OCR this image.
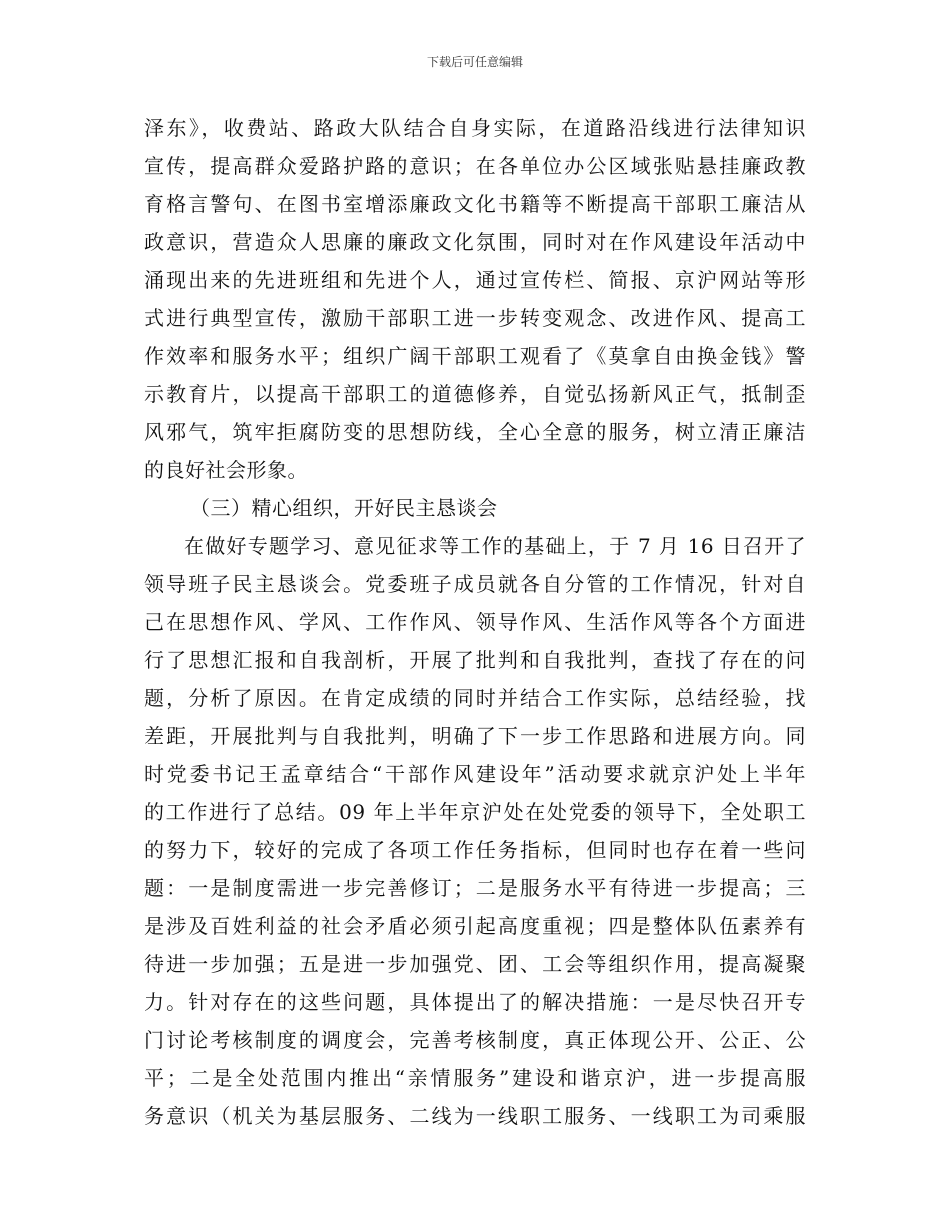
下载后可任意编辑
泽东》，收费站、路政大队结合自身实际，在道路沿线进行法律知识
宣传，提高群众爱路护路的意识；在各单位办公区域张贴悬挂廉政教
育格言警句、在图书室增添廉政文化书籍等不断提高干部职工廉洁从
政意识，营造众人思廉的廉政文化氛围，同时对在作风建设年活动中
涌现出来的先进班组和先进个人，通过宣传栏、简报、京沪网站等形
式进行典型宣传，激励干部职工进一步转变观念、改进作风、提高工
作效率和服务水平；组织广阔干部职工观看了《莫拿自由换金钱》警
示教育片，以提高干部职工的道德修养，自觉弘扬新风正气，抵制歪
风邪气，筑牢拒腐防变的思想防线，全心全意的服务，树立清正廉洁
的良好社会形象。
（三）精心组织，开好民主恳谈会
在做好专题学习、意见征求等工作的基础上，于 7 月 16 日召开了
领导班子民主恳谈会。党委班子成员就各自分管的工作情况，针对自
己在思想作风、学风、工作作风、领导作风、生活作风等各个方面进
行了思想汇报和自我剖析，开展了批判和自我批判，查找了存在的问
题，分析了原因。在肯定成绩的同时并结合工作实际，总结经验，找
差距，开展批判与自我批判，明确了下一步工作思路和进展方向。同
时党委书记王孟章结合“干部作风建设年”活动要求就京沪处上半年
的工作进行了总结。09 年上半年京沪处在处党委的领导下，全处职工
的努力下，较好的完成了各项工作任务指标，但同时也存在着一些问
题：一是制度需进一步完善修订；二是服务水平有待进一步提高；三
是涉及百姓利益的社会矛盾必须引起高度重视；四是整体队伍素养有
待进一步加强；五是进一步加强党、团、工会等组织作用，提高凝聚
力。针对存在的这些问题，具体提出了的解决措施：一是尽快召开专
门讨论考核制度的调度会，完善考核制度，真正体现公开、公正、公
平；二是全处范围内推出“亲情服务”建设和谐京沪，进一步提高服
务意识（机关为基层服务、二线为一线职工服务、一线职工为司乘服
